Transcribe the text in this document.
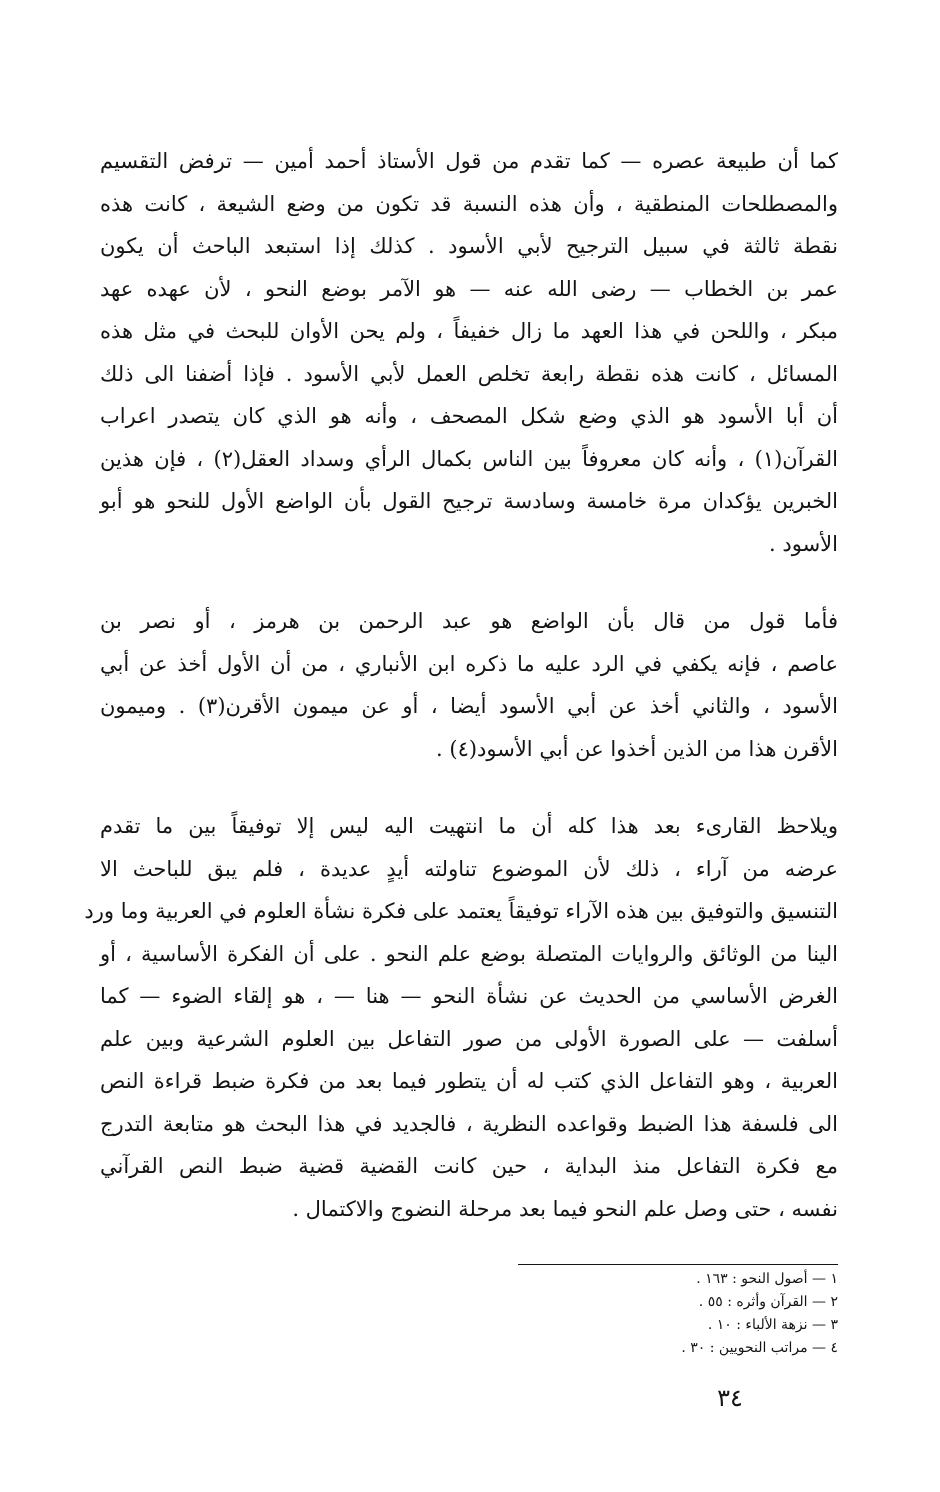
كما أن طبيعة عصره — كما تقدم من قول الأستاذ أحمد أمين — ترفض التقسيم
والمصطلحات المنطقية ، وأن هذه النسبة قد تكون من وضع الشيعة ، كانت هذه
نقطة ثالثة في سبيل الترجيح لأبي الأسود . كذلك إذا استبعد الباحث أن يكون
عمر بن الخطاب — رضى الله عنه — هو الآمر بوضع النحو ، لأن عهده عهد
مبكر ، واللحن في هذا العهد ما زال خفيفاً ، ولم يحن الأوان للبحث في مثل هذه
المسائل ، كانت هذه نقطة رابعة تخلص العمل لأبي الأسود . فإذا أضفنا الى ذلك
أن أبا الأسود هو الذي وضع شكل المصحف ، وأنه هو الذي كان يتصدر اعراب
القرآن(١) ، وأنه كان معروفاً بين الناس بكمال الرأي وسداد العقل(٢) ، فإن هذين
الخبرين يؤكدان مرة خامسة وسادسة ترجيح القول بأن الواضع الأول للنحو هو أبو
الأسود .
فأما قول من قال بأن الواضع هو عبد الرحمن بن هرمز ، أو نصر بن
عاصم ، فإنه يكفي في الرد عليه ما ذكره ابن الأنباري ، من أن الأول أخذ عن أبي
الأسود ، والثاني أخذ عن أبي الأسود أيضا ، أو عن ميمون الأقرن(٣) . وميمون
الأقرن هذا من الذين أخذوا عن أبي الأسود(٤) .
ويلاحظ القارىء بعد هذا كله أن ما انتهيت اليه ليس إلا توفيقاً بين ما تقدم
عرضه من آراء ، ذلك لأن الموضوع تناولته أيدٍ عديدة ، فلم يبق للباحث الا
التنسيق والتوفيق بين هذه الآراء توفيقاً يعتمد على فكرة نشأة العلوم في العربية وما ورد
الينا من الوثائق والروايات المتصلة بوضع علم النحو . على أن الفكرة الأساسية ، أو
الغرض الأساسي من الحديث عن نشأة النحو — هنا — ، هو إلقاء الضوء — كما
أسلفت — على الصورة الأولى من صور التفاعل بين العلوم الشرعية وبين علم
العربية ، وهو التفاعل الذي كتب له أن يتطور فيما بعد من فكرة ضبط قراءة النص
الى فلسفة هذا الضبط وقواعده النظرية ، فالجديد في هذا البحث هو متابعة التدرج
مع فكرة التفاعل منذ البداية ، حين كانت القضية قضية ضبط النص القرآني
نفسه ، حتى وصل علم النحو فيما بعد مرحلة النضوج والاكتمال .
١ — أصول النحو : ١٦٣ .
٢ — القرآن وأثره : ٥٥ .
٣ — نزهة الألباء : ١٠ .
٤ — مراتب النحويين : ٣٠ .
٣٤
